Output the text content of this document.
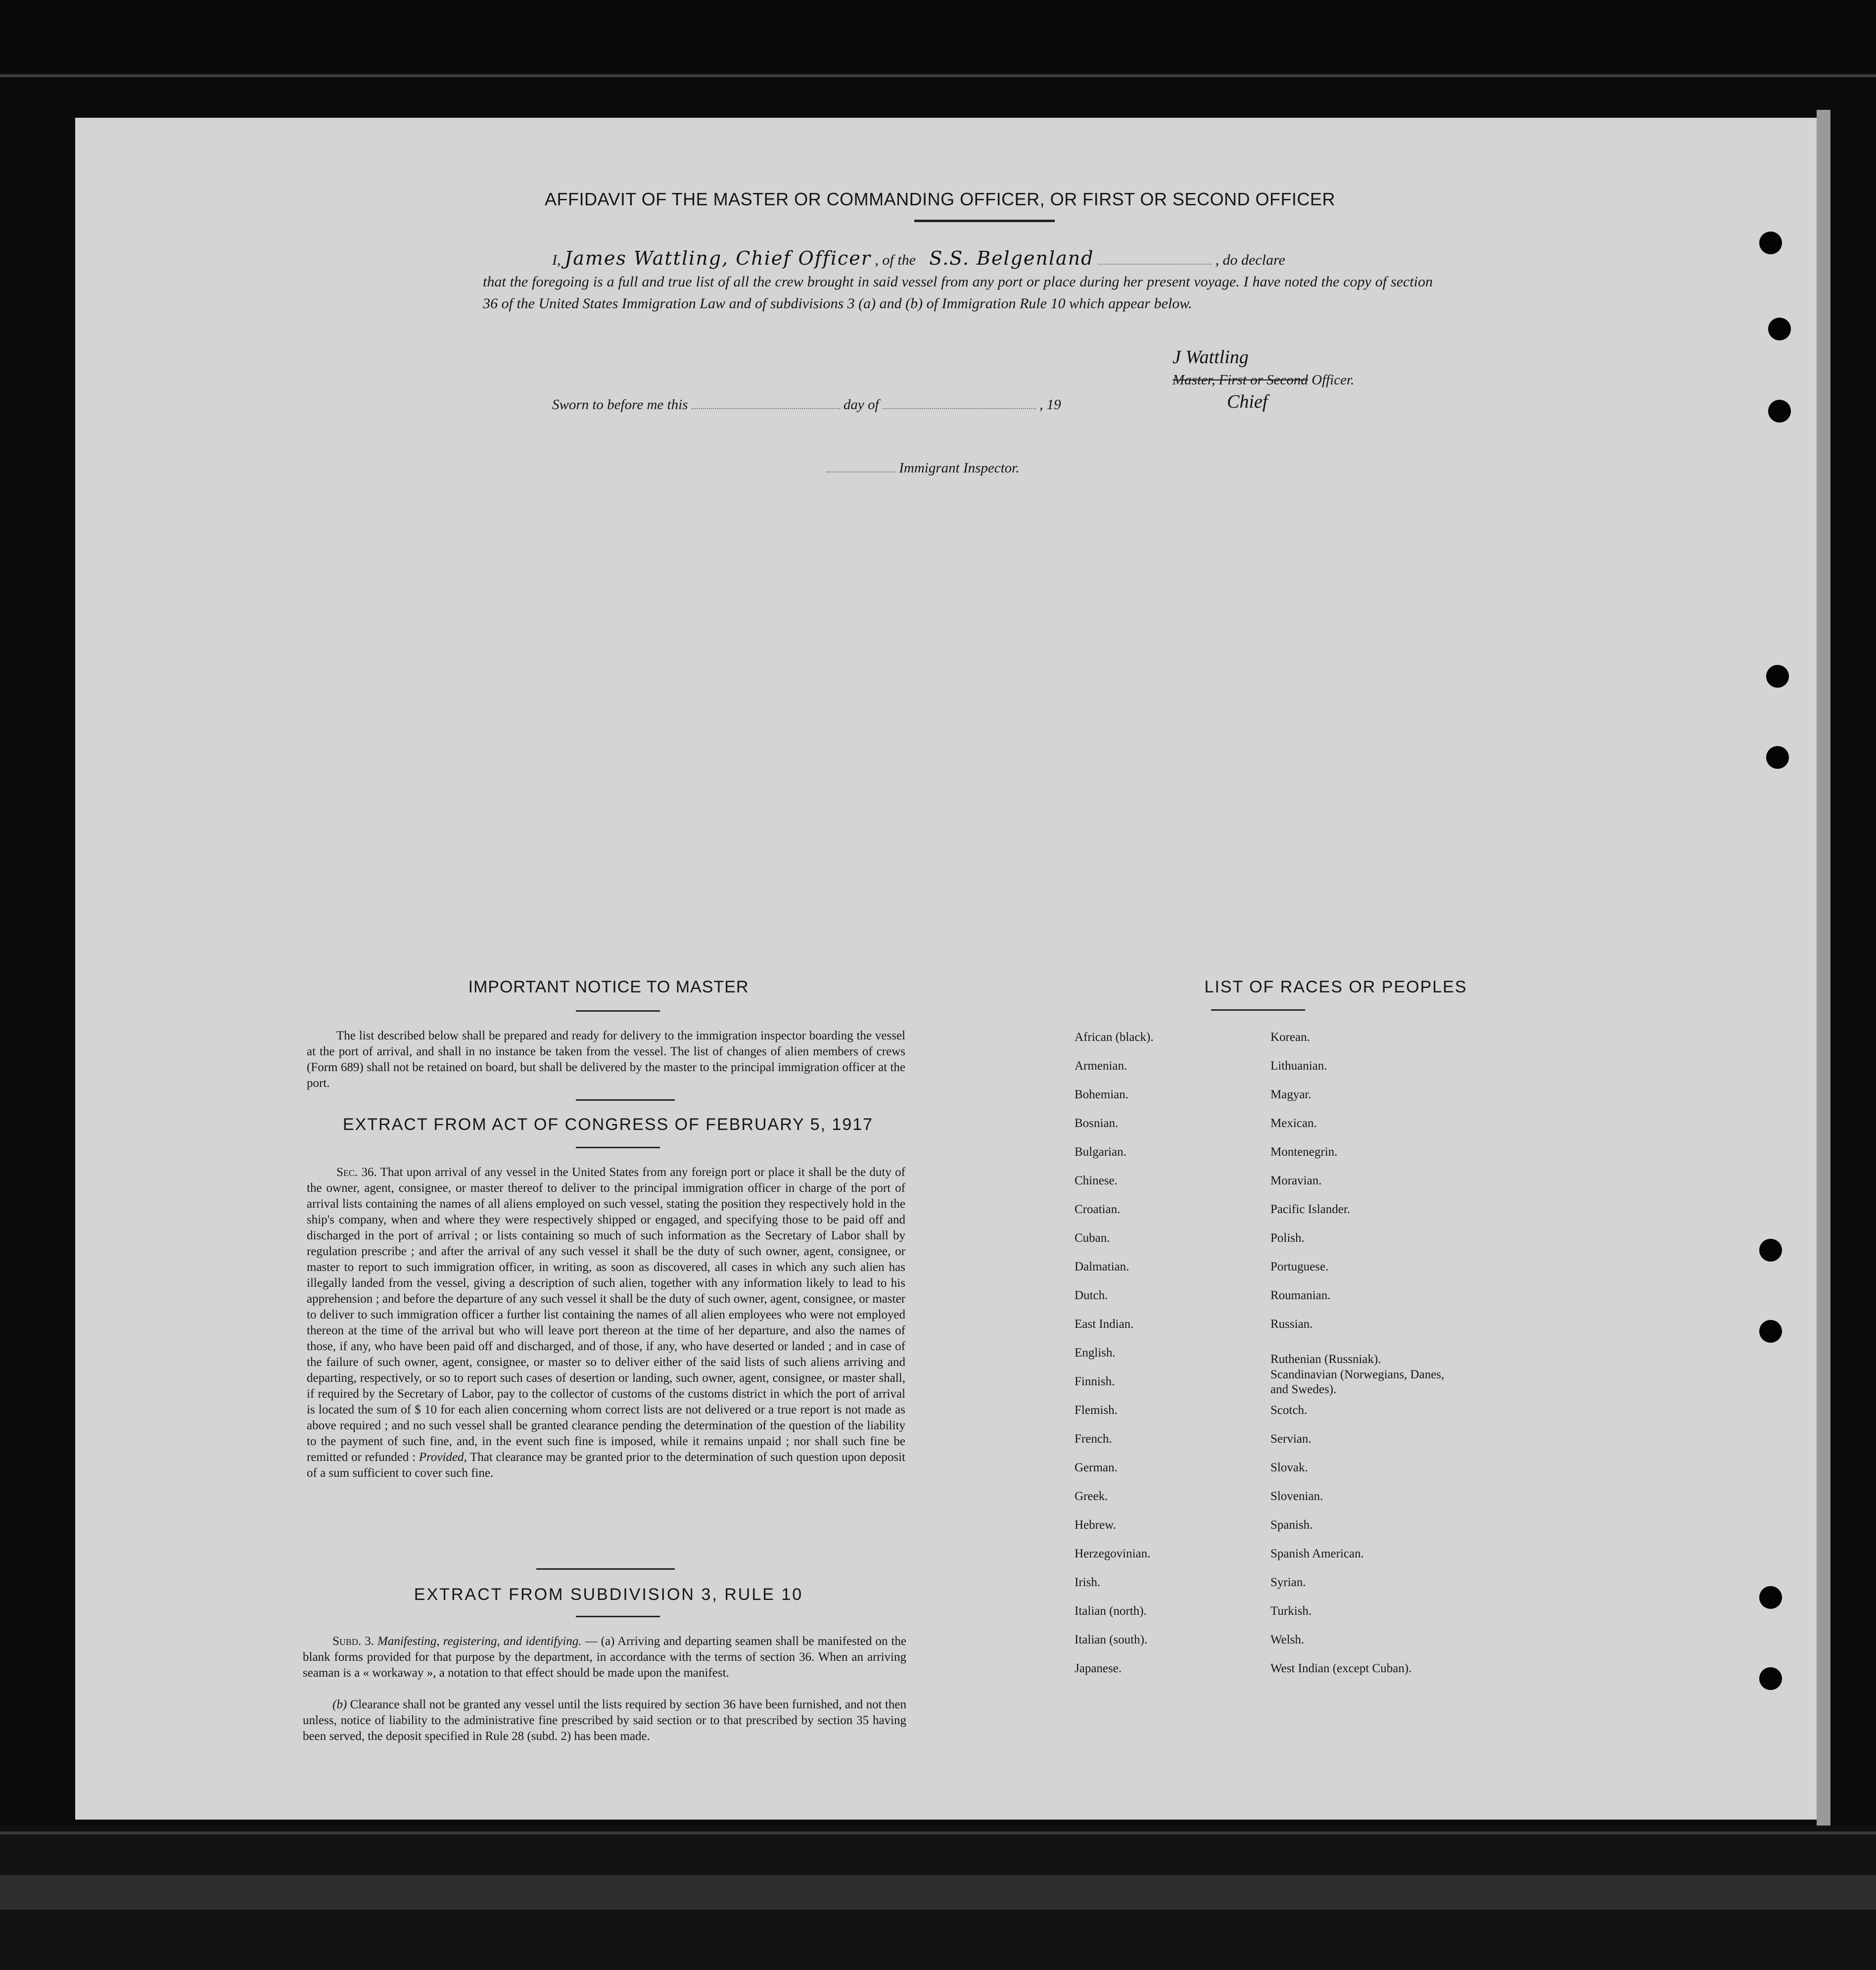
AFFIDAVIT OF THE MASTER OR COMMANDING OFFICER, OR FIRST OR SECOND OFFICER
I, James Wattling, Chief Officer , of the S.S. Belgenland	, do declare
that the foregoing is a full and true list of all the crew brought in said vessel from any port or place during her present voyage. I have noted the copy of section 36 of the United States Immigration Law and of subdivisions 3 (a) and (b) of Immigration Rule 10 which appear below.
J Wattling
Master, First or Second Officer.
Chief
Sworn to before me this	day of	, 19
Immigrant Inspector.
IMPORTANT NOTICE TO MASTER
The list described below shall be prepared and ready for delivery to the immigration inspector boarding the vessel at the port of arrival, and shall in no instance be taken from the vessel. The list of changes of alien members of crews (Form 689) shall not be retained on board, but shall be delivered by the master to the principal immigration officer at the port.
EXTRACT FROM ACT OF CONGRESS OF FEBRUARY 5, 1917
Sec. 36. That upon arrival of any vessel in the United States from any foreign port or place it shall be the duty of the owner, agent, consignee, or master thereof to deliver to the principal immigration officer in charge of the port of arrival lists containing the names of all aliens employed on such vessel, stating the position they respectively hold in the ship's company, when and where they were respectively shipped or engaged, and specifying those to be paid off and discharged in the port of arrival ; or lists containing so much of such information as the Secretary of Labor shall by regulation prescribe ; and after the arrival of any such vessel it shall be the duty of such owner, agent, consignee, or master to report to such immigration officer, in writing, as soon as discovered, all cases in which any such alien has illegally landed from the vessel, giving a description of such alien, together with any information likely to lead to his apprehension ; and before the departure of any such vessel it shall be the duty of such owner, agent, consignee, or master to deliver to such immigration officer a further list containing the names of all alien employees who were not employed thereon at the time of the arrival but who will leave port thereon at the time of her departure, and also the names of those, if any, who have been paid off and discharged, and of those, if any, who have deserted or landed ; and in case of the failure of such owner, agent, consignee, or master so to deliver either of the said lists of such aliens arriving and departing, respectively, or so to report such cases of desertion or landing, such owner, agent, consignee, or master shall, if required by the Secretary of Labor, pay to the collector of customs of the customs district in which the port of arrival is located the sum of $ 10 for each alien concerning whom correct lists are not delivered or a true report is not made as above required ; and no such vessel shall be granted clearance pending the determination of the question of the liability to the payment of such fine, and, in the event such fine is imposed, while it remains unpaid ; nor shall such fine be remitted or refunded : Provided, That clearance may be granted prior to the determination of such question upon deposit of a sum sufficient to cover such fine.
EXTRACT FROM SUBDIVISION 3, RULE 10
Subd. 3. Manifesting, registering, and identifying. — (a) Arriving and departing seamen shall be manifested on the blank forms provided for that purpose by the department, in accordance with the terms of section 36. When an arriving seaman is a « workaway », a notation to that effect should be made upon the manifest.
(b) Clearance shall not be granted any vessel until the lists required by section 36 have been furnished, and not then unless, notice of liability to the administrative fine prescribed by said section or to that prescribed by section 35 having been served, the deposit specified in Rule 28 (subd. 2) has been made.
LIST OF RACES OR PEOPLES
African (black).
Armenian.
Bohemian.
Bosnian.
Bulgarian.
Chinese.
Croatian.
Cuban.
Dalmatian.
Dutch.
East Indian.
English.
Finnish.
Flemish.
French.
German.
Greek.
Hebrew.
Herzegovinian.
Irish.
Italian (north).
Italian (south).
Japanese.
Korean.
Lithuanian.
Magyar.
Mexican.
Montenegrin.
Moravian.
Pacific Islander.
Polish.
Portuguese.
Roumanian.
Russian.
Ruthenian (Russniak).
Scandinavian (Norwegians, Danes, and Swedes).
Scotch.
Servian.
Slovak.
Slovenian.
Spanish.
Spanish American.
Syrian.
Turkish.
Welsh.
West Indian (except Cuban).
